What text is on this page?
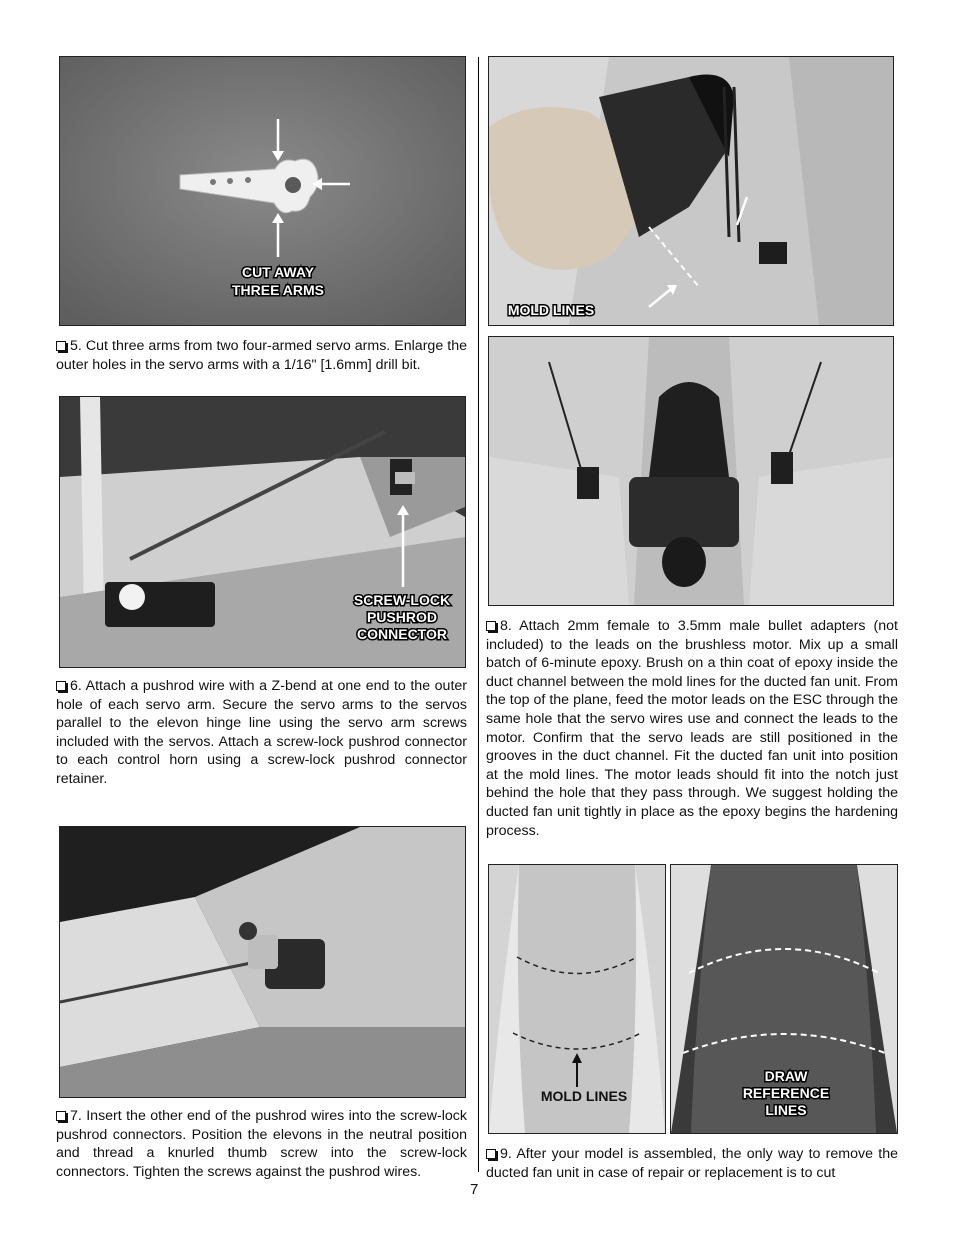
CUT AWAY
THREE ARMS

5. Cut three arms from two four-armed servo arms. Enlarge the outer holes in the servo arms with a 1/16" [1.6mm] drill bit.

SCREW-LOCK
PUSHROD
CONNECTOR

6. Attach a pushrod wire with a Z-bend at one end to the outer hole of each servo arm. Secure the servo arms to the servos parallel to the elevon hinge line using the servo arm screws included with the servos. Attach a screw-lock pushrod connector to each control horn using a screw-lock pushrod connector retainer.

7. Insert the other end of the pushrod wires into the screw-lock pushrod connectors. Position the elevons in the neutral position and thread a knurled thumb screw into the screw-lock connectors. Tighten the screws against the pushrod wires.

MOLD LINES

8. Attach 2mm female to 3.5mm male bullet adapters (not included) to the leads on the brushless motor. Mix up a small batch of 6-minute epoxy. Brush on a thin coat of epoxy inside the duct channel between the mold lines for the ducted fan unit. From the top of the plane, feed the motor leads on the ESC through the same hole that the servo wires use and connect the leads to the motor. Confirm that the servo leads are still positioned in the grooves in the duct channel. Fit the ducted fan unit into position at the mold lines. The motor leads should fit into the notch just behind the hole that they pass through. We suggest holding the ducted fan unit tightly in place as the epoxy begins the hardening process.

MOLD LINES
DRAW
REFERENCE
LINES

9. After your model is assembled, the only way to remove the ducted fan unit in case of repair or replacement is to cut

7
